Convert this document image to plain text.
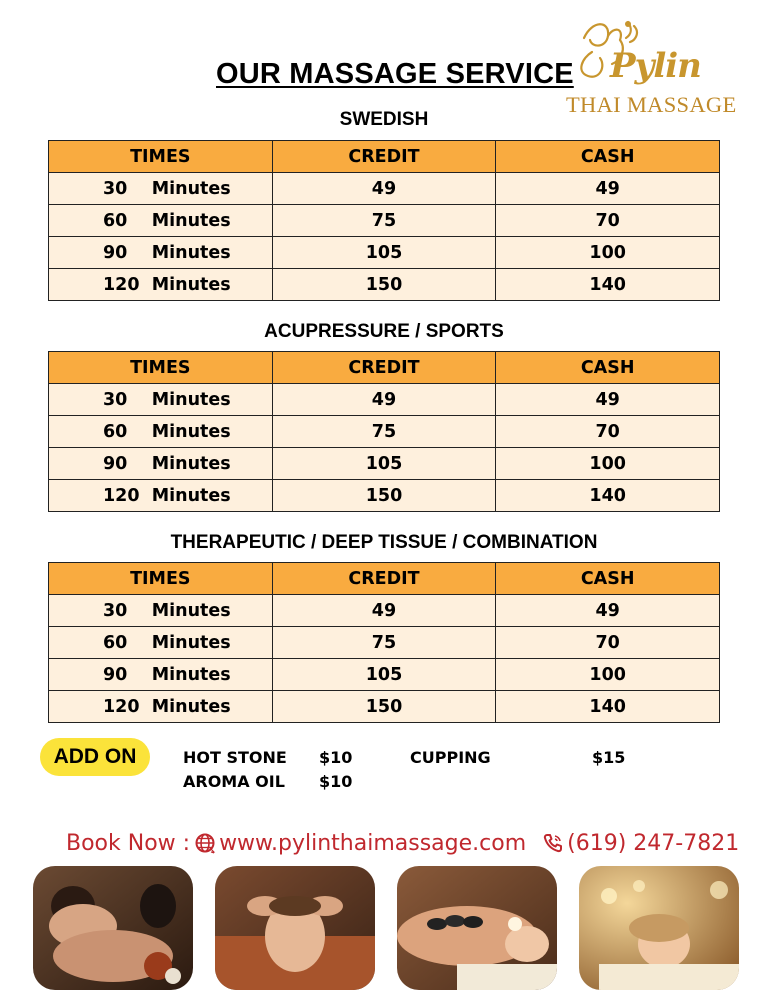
OUR MASSAGE SERVICE Pylin
THAI MASSAGE
SWEDISH
TIMES	CREDIT	CASH
30    Minutes	49	49
60    Minutes	75	70
90    Minutes	105	100
120  Minutes	150	140
ACUPRESSURE / SPORTS
TIMES	CREDIT	CASH
30    Minutes	49	49
60    Minutes	75	70
90    Minutes	105	100
120  Minutes	150	140
THERAPEUTIC / DEEP TISSUE / COMBINATION
TIMES	CREDIT	CASH
30    Minutes	49	49
60    Minutes	75	70
90    Minutes	105	100
120  Minutes	150	140
ADD ON	HOT STONE $10	CUPPING	$15
AROMA OIL $10
Book Now : www.pylinthaimassage.com (619) 247-7821
